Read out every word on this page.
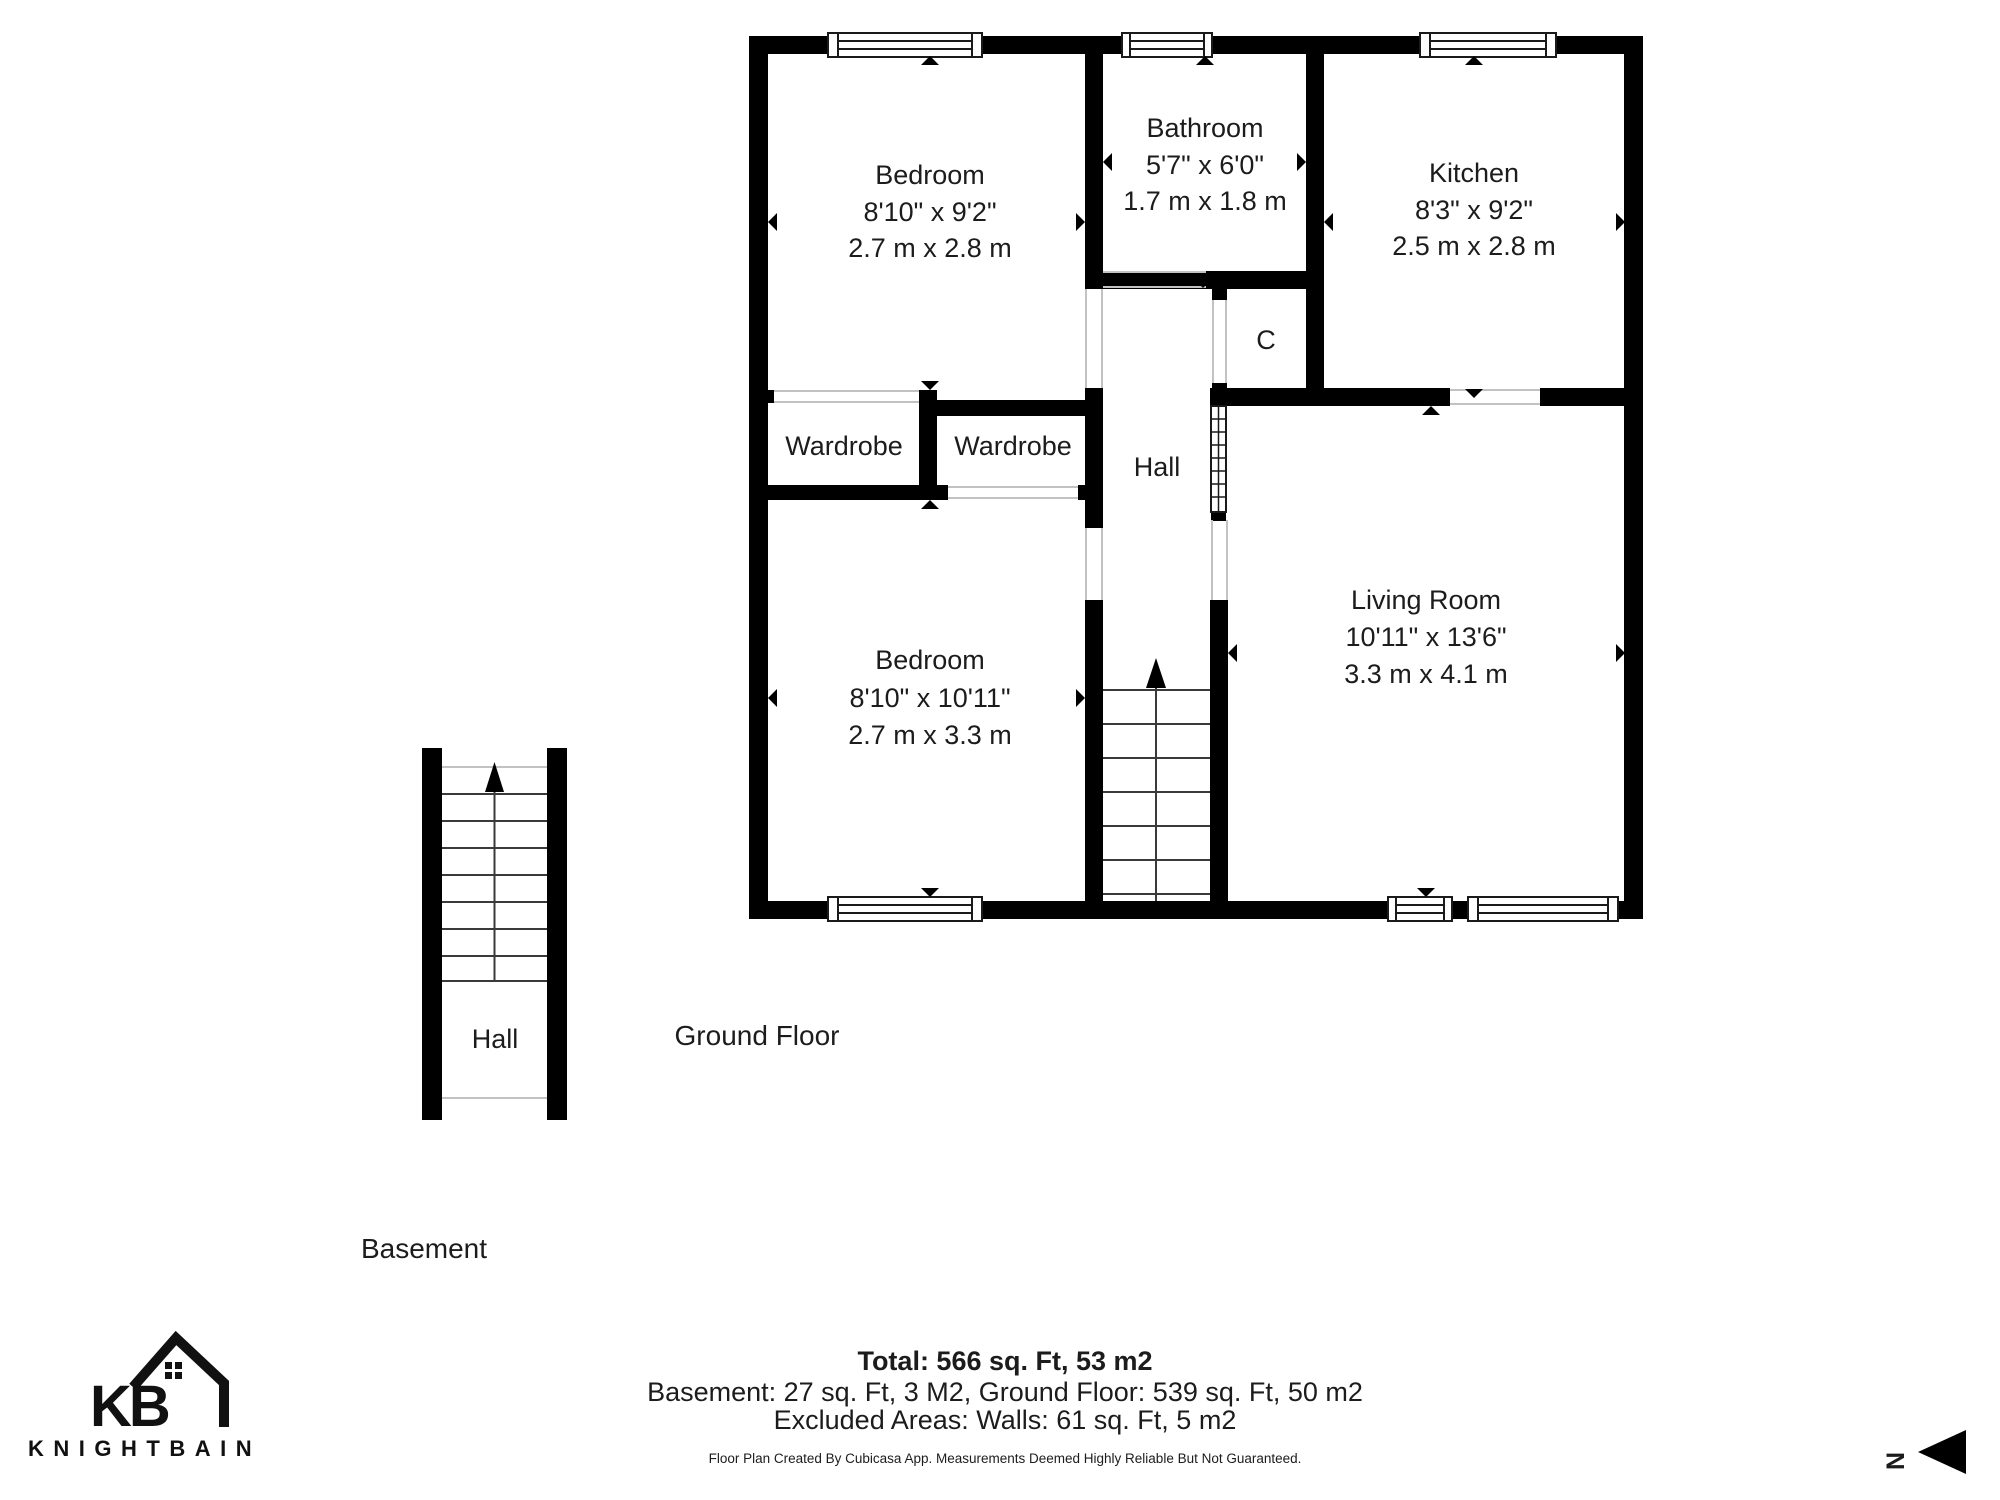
Bedroom
8'10" x 9'2"
2.7 m x 2.8 m
Bathroom
5'7" x 6'0"
1.7 m x 1.8 m
Kitchen
8'3" x 9'2"
2.5 m x 2.8 m
Wardrobe Wardrobe
Hall
C
Bedroom
8'10" x 10'11"
2.7 m x 3.3 m
Living Room
10'11" x 13'6"
3.3 m x 4.1 m
Hall	Ground Floor
Basement
Total: 566 sq. Ft, 53 m2
Basement: 27 sq. Ft, 3 M2, Ground Floor: 539 sq. Ft, 50 m2
Excluded Areas: Walls: 61 sq. Ft, 5 m2
Floor Plan Created By Cubicasa App. Measurements Deemed Highly Reliable But Not Guaranteed.
KB
KNIGHTBAIN	N
